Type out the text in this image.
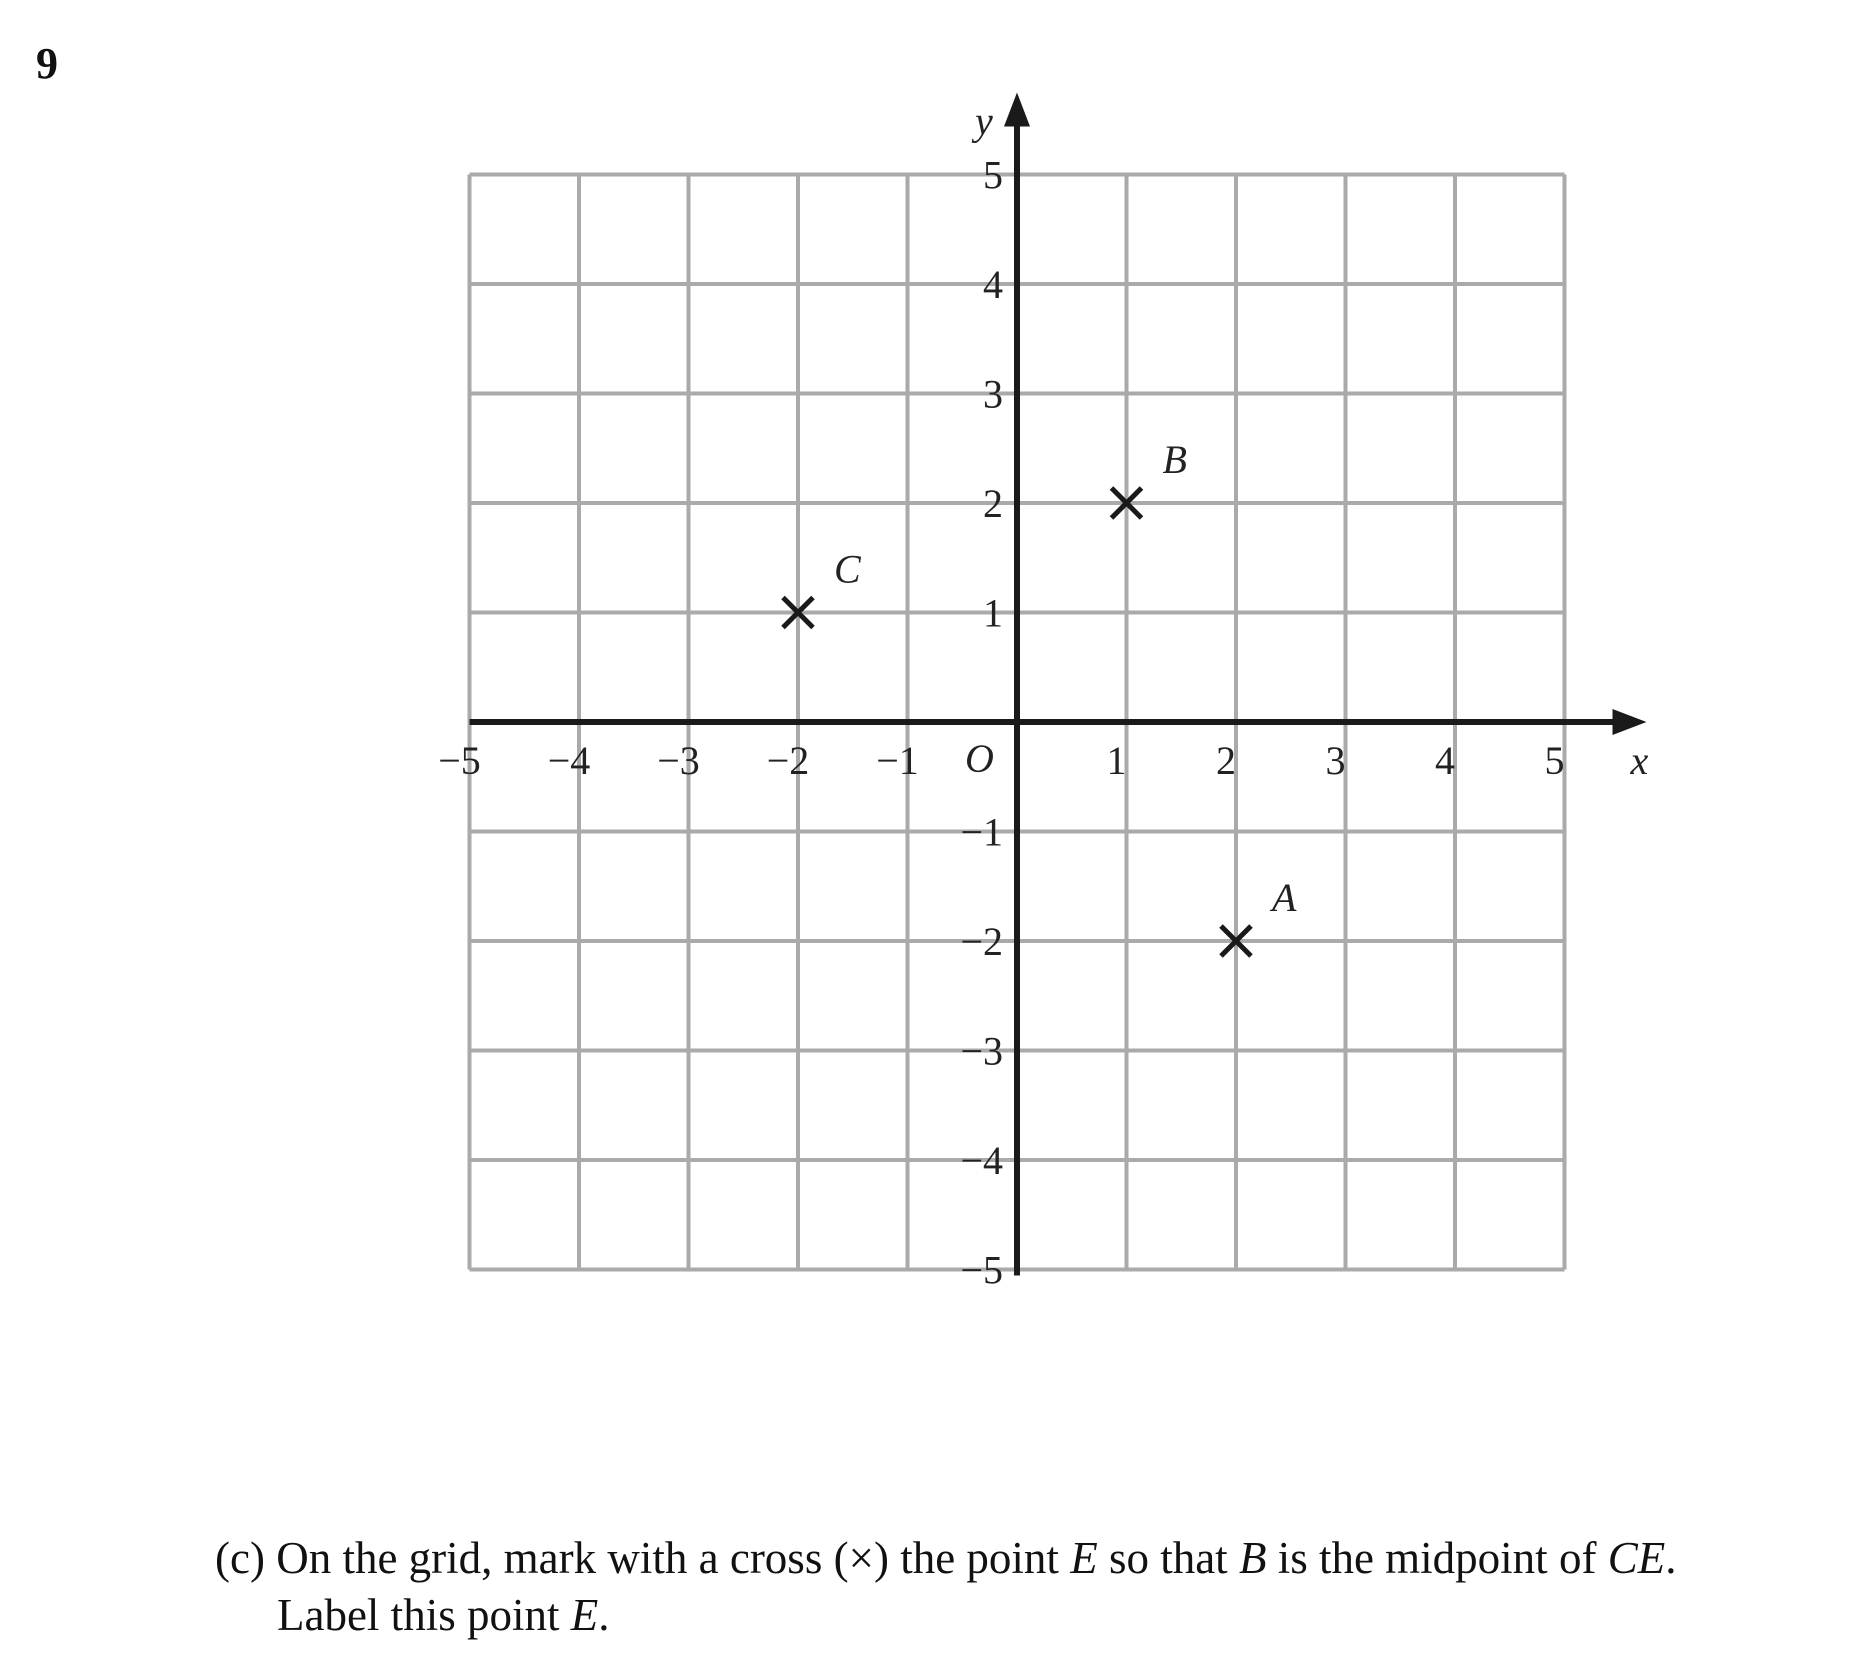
9
−5 −4 −3 −2 −1	1 2 3 4 5
5
4
3
2
1
−1
−2
−3
−4
−5
x
y
O
A
B
C
(c) On the grid, mark with a cross (×) the point E so that B is the midpoint of CE.
Label this point E.
